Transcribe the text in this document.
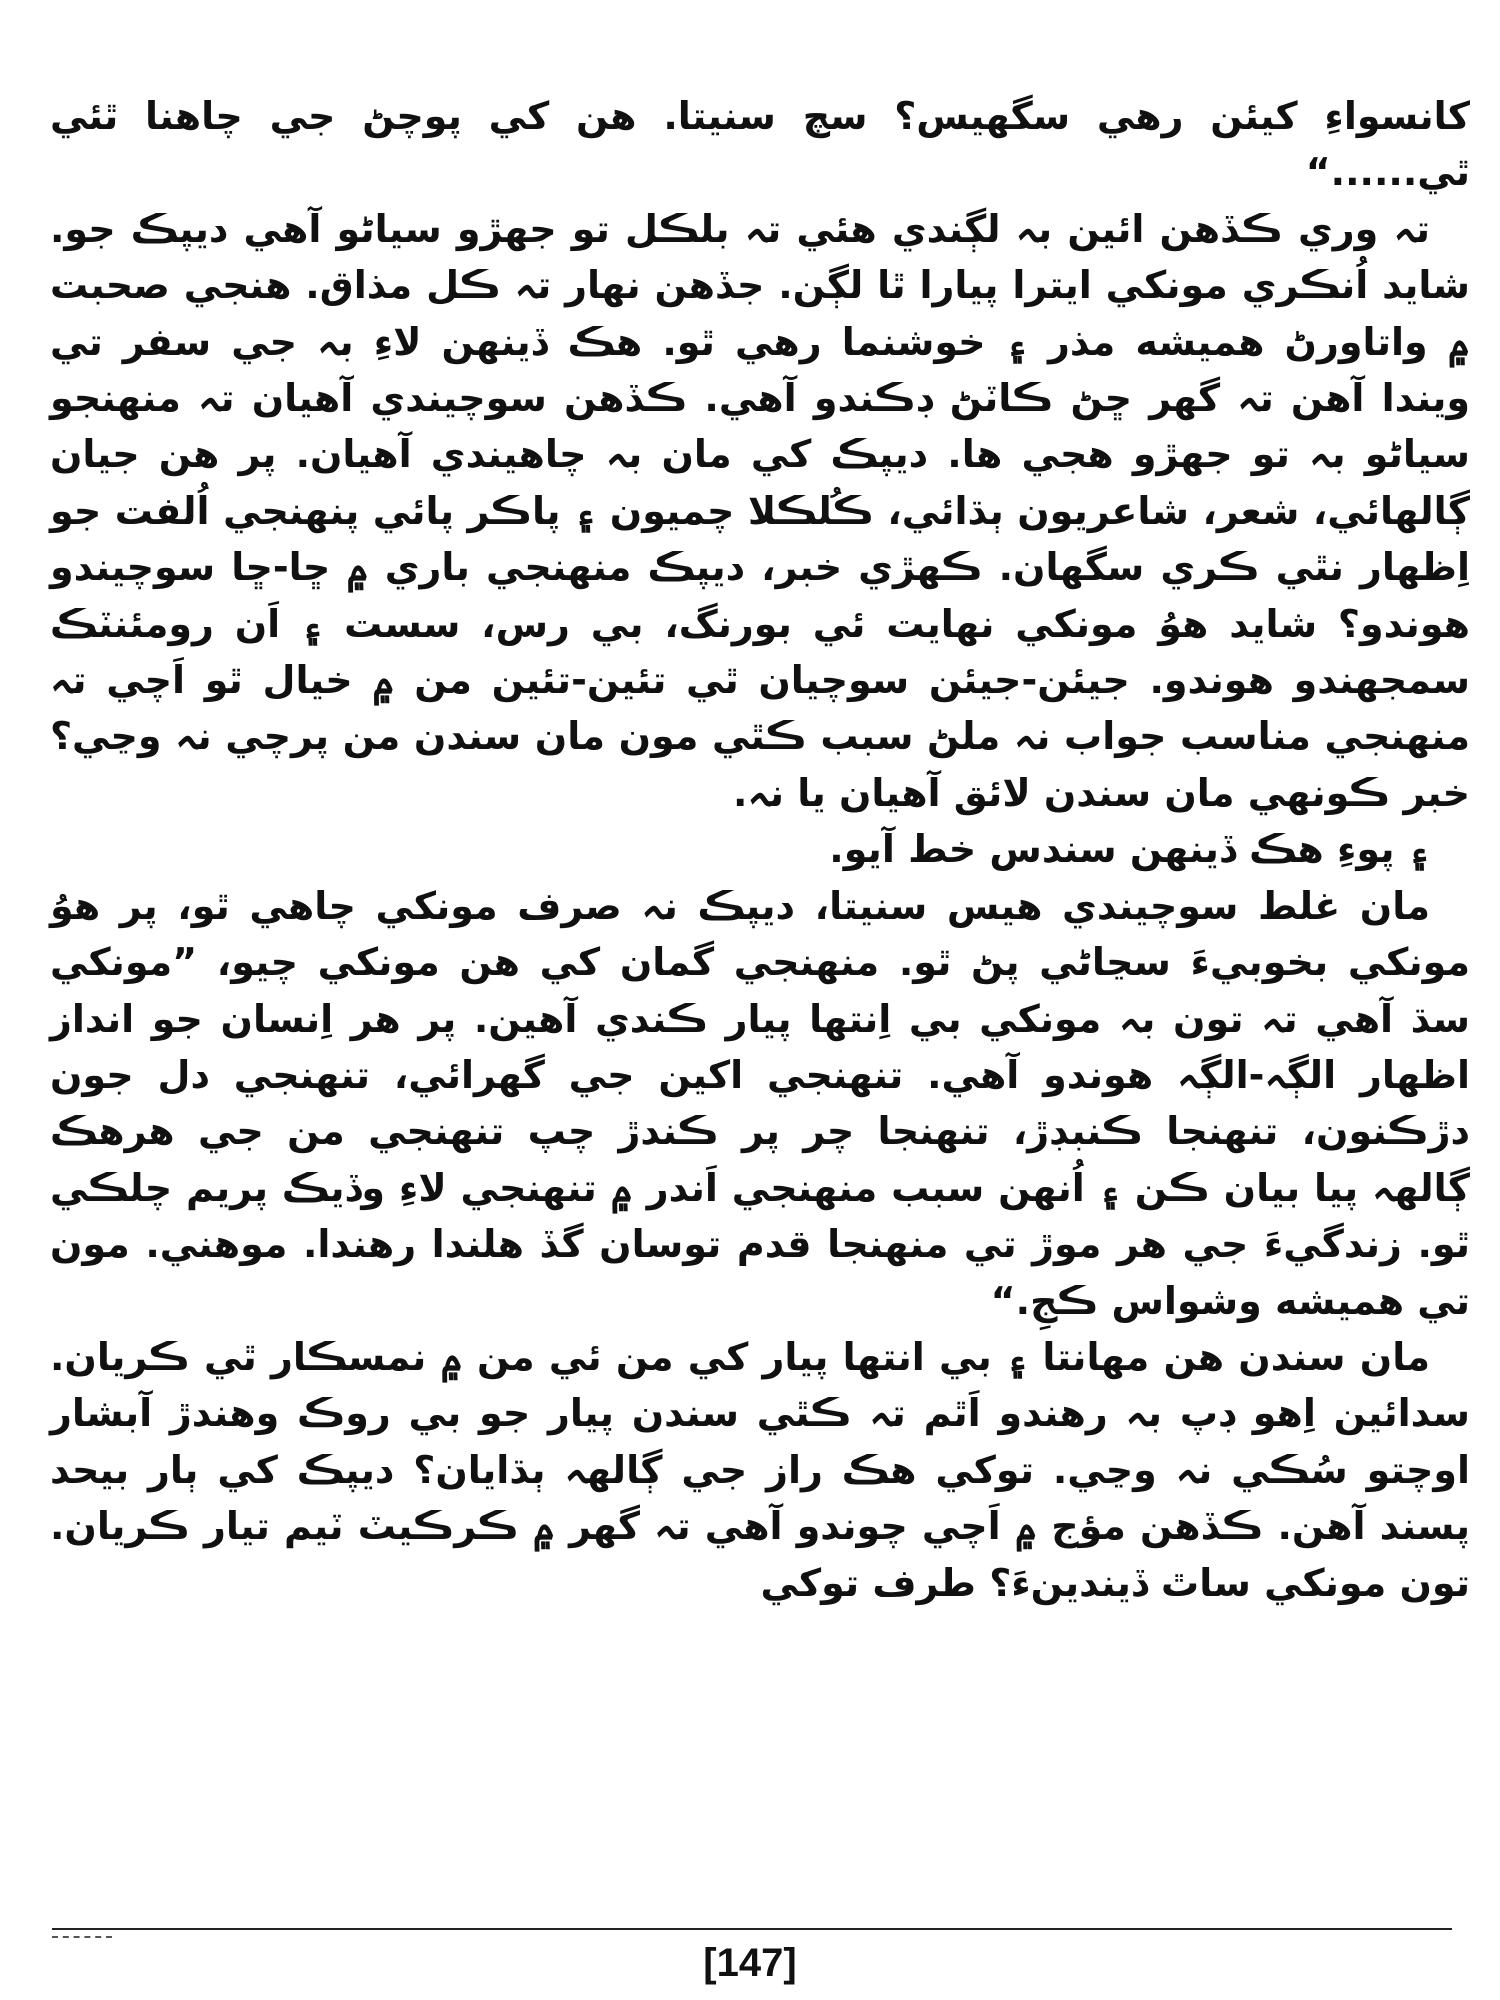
كانسواءِ كيئن رهي سگهيس؟ سچ سنيتا. هن کي پوچڻ جي چاهنا ٿئي ٿي......“

تہ وري ڪڏهن ائين بہ لڳندي هئي تہ بلڪل تو جهڙو سياڻو آهي ديپڪ جو. شايد اُنڪري مونکي ايترا پيارا ٿا لڳن. جڏهن نهار تہ ڪل مذاق. هنجي صحبت ۾ واتاورڻ هميشه مذر ۽ خوشنما رهي ٿو. هڪ ڏينهن لاءِ بہ جي سفر تي ويندا آهن تہ گهر ڇڻ ڪاٽڻ ڊڪندو آهي. ڪڏهن سوچيندي آهيان تہ منهنجو سياڻو بہ تو جهڙو هجي ها. ديپڪ کي مان بہ چاهيندي آهيان. پر هن جيان ڳالهائي، شعر، شاعريون ٻڌائي، ڪُلڪلا چميون ۽ پاڪر پائي پنهنجي اُلفت جو اِظهار نٿي ڪري سگهان. ڪهڙي خبر، ديپڪ منهنجي باري ۾ ڇا-ڇا سوچيندو هوندو؟ شايد هوُ مونکي نهايت ئي بورنگ، بي رس، سست ۽ اَن رومئنٽڪ سمجهندو هوندو. جيئن-جيئن سوچيان ٿي تئين-تئين من ۾ خيال ٿو اَچي تہ منهنجي مناسب جواب نہ ملڻ سبب ڪٿي مون مان سندن من پرچي نہ وڃي؟ خبر ڪونهي مان سندن لائق آهيان يا نہ.

۽ پوءِ هڪ ڏينهن سندس خط آيو.

مان غلط سوچيندي هيس سنيتا، ديپڪ نہ صرف مونکي چاهي ٿو، پر هوُ مونکي بخوبيءَ سڃاڻي پڻ ٿو. منهنجي گمان کي هن مونکي چيو، ”مونکي سڌ آهي تہ تون بہ مونکي بي اِنتها پيار ڪندي آهين. پر هر اِنسان جو انداز اظهار الڳہ-الڳہ هوندو آهي. تنهنجي اکين جي گهرائي، تنهنجي دل جون دڙڪنون، تنهنجا ڪنبڊڙ، تنهنجا چر پر ڪندڙ چپ تنهنجي من جي هرهڪ ڳالهہ پيا بيان ڪن ۽ اُنهن سبب منهنجي اَندر ۾ تنهنجي لاءِ وڏيڪ پريم چلڪي ٿو. زندگيءَ جي هر موڙ تي منهنجا قدم توسان گڏ هلندا رهندا. موهني. مون تي هميشه وشواس ڪجِ.“

مان سندن هن مهانتا ۽ بي انتها پيار کي من ئي من ۾ نمسڪار ٿي ڪريان. سدائين اِهو ڊپ بہ رهندو اَٿم تہ ڪٿي سندن پيار جو بي روڪ وهندڙ آبشار اوچتو سُڪي نہ وڃي. توکي هڪ راز جي ڳالهہ ٻڌايان؟ ديپڪ کي ٻار بيحد پسند آهن. ڪڏهن مؤج ۾ اَچي چوندو آهي تہ گهر ۾ ڪرڪيٽ ٽيم تيار ڪريان. تون مونکي ساٿ ڏيندينءَ؟ طرف توکي

[147]
